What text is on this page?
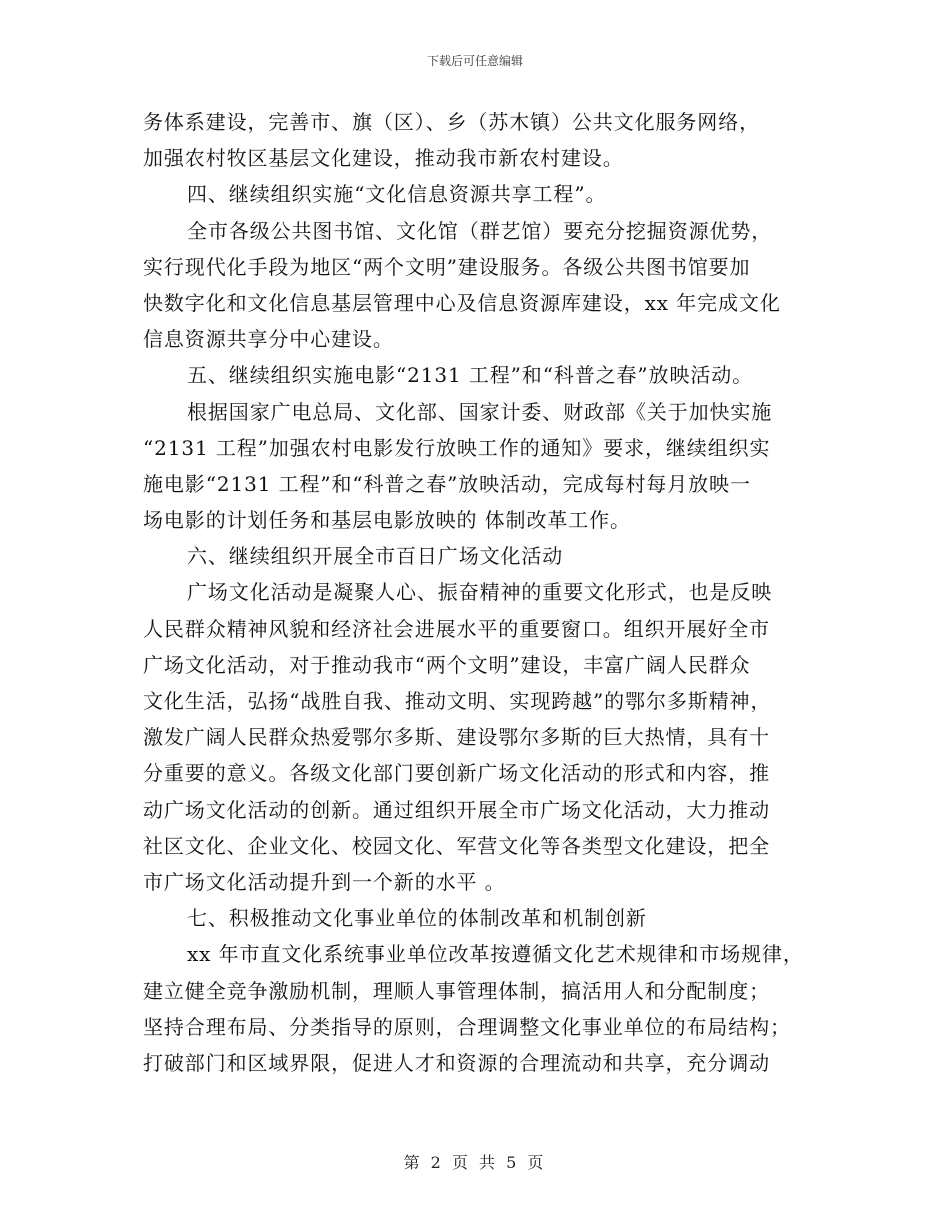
下载后可任意编辑
务体系建设，完善市、旗（区）、乡（苏木镇）公共文化服务网络，
加强农村牧区基层文化建设，推动我市新农村建设。
四、继续组织实施“文化信息资源共享工程”。
全市各级公共图书馆、文化馆（群艺馆）要充分挖掘资源优势，
实行现代化手段为地区“两个文明”建设服务。各级公共图书馆要加
快数字化和文化信息基层管理中心及信息资源库建设，xx 年完成文化
信息资源共享分中心建设。
五、继续组织实施电影“2131 工程”和“科普之春”放映活动。
根据国家广电总局、文化部、国家计委、财政部《关于加快实施
“2131 工程”加强农村电影发行放映工作的通知》要求，继续组织实
施电影“2131 工程”和“科普之春”放映活动，完成每村每月放映一
场电影的计划任务和基层电影放映的 体制改革工作。
六、继续组织开展全市百日广场文化活动
广场文化活动是凝聚人心、振奋精神的重要文化形式，也是反映
人民群众精神风貌和经济社会进展水平的重要窗口。组织开展好全市
广场文化活动，对于推动我市“两个文明”建设，丰富广阔人民群众
文化生活，弘扬“战胜自我、推动文明、实现跨越”的鄂尔多斯精神，
激发广阔人民群众热爱鄂尔多斯、建设鄂尔多斯的巨大热情，具有十
分重要的意义。各级文化部门要创新广场文化活动的形式和内容，推
动广场文化活动的创新。通过组织开展全市广场文化活动，大力推动
社区文化、企业文化、校园文化、军营文化等各类型文化建设，把全
市广场文化活动提升到一个新的水平 。
七、积极推动文化事业单位的体制改革和机制创新
xx 年市直文化系统事业单位改革按遵循文化艺术规律和市场规律，
建立健全竞争激励机制，理顺人事管理体制，搞活用人和分配制度；
坚持合理布局、分类指导的原则，合理调整文化事业单位的布局结构；
打破部门和区域界限，促进人才和资源的合理流动和共享，充分调动
第 2 页 共 5 页
